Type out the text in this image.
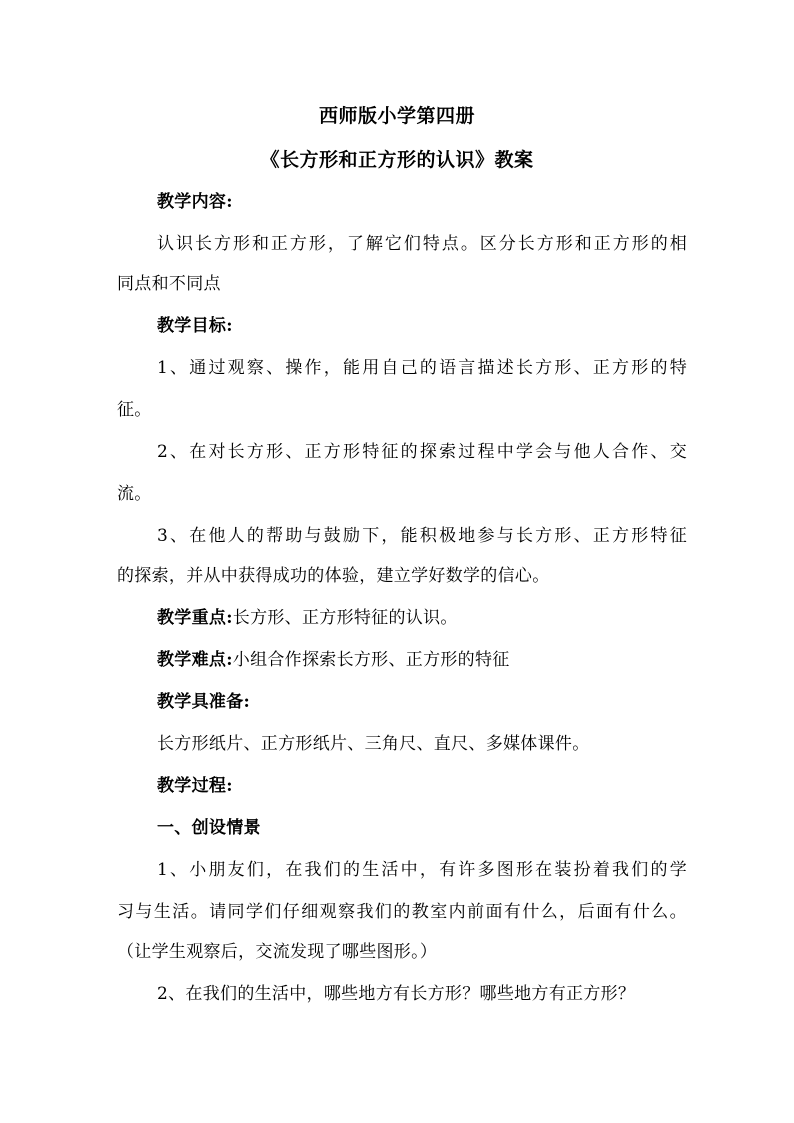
西师版小学第四册
《长方形和正方形的认识》教案
教学内容:
认识长方形和正方形，了解它们特点。区分长方形和正方形的相
同点和不同点
教学目标:
1、通过观察、操作，能用自己的语言描述长方形、正方形的特
征。
2、在对长方形、正方形特征的探索过程中学会与他人合作、交
流。
3、在他人的帮助与鼓励下，能积极地参与长方形、正方形特征
的探索，并从中获得成功的体验，建立学好数学的信心。
教学重点:长方形、正方形特征的认识。
教学难点:小组合作探索长方形、正方形的特征
教学具准备:
长方形纸片、正方形纸片、三角尺、直尺、多媒体课件。
教学过程:
一、创设情景
1、小朋友们，在我们的生活中，有许多图形在装扮着我们的学
习与生活。请同学们仔细观察我们的教室内前面有什么，后面有什么。
（让学生观察后，交流发现了哪些图形。）
2、在我们的生活中，哪些地方有长方形？哪些地方有正方形？
